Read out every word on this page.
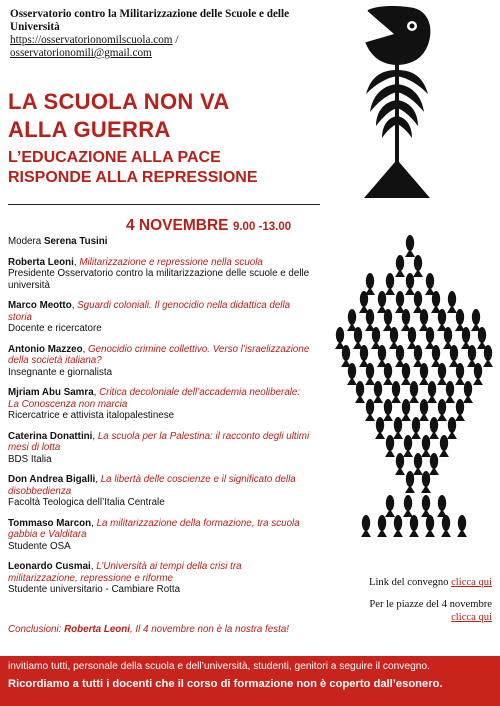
Osservatorio contro la Militarizzazione delle Scuole e delle Università
https://osservatorionomilscuola.com /
osservatorionomili@gmail.com
LA SCUOLA NON VA
ALLA GUERRA
L’EDUCAZIONE ALLA PACE
RISPONDE ALLA REPRESSIONE
4 NOVEMBRE 9.00 -13.00
Modera Serena Tusini
Roberta Leoni, Militarizzazione e repressione nella scuola
Presidente Osservatorio contro la militarizzazione delle scuole e delle università
Marco Meotto, Sguardi coloniali. Il genocidio nella didattica della storia
Docente e ricercatore
Antonio Mazzeo, Genocidio crimine collettivo. Verso l’israelizzazione della società italiana?
Insegnante e giornalista
Mjriam Abu Samra, Critica decoloniale dell’accademia neoliberale: La Conoscenza non marcia
Ricercatrice e attivista italopalestinese
Caterina Donattini, La scuola per la Palestina: il racconto degli ultimi mesi di lotta
BDS Italia
Don Andrea Bigalli, La libertà delle coscienze e il significato della disobbedienza
Facoltà Teologica dell’Italia Centrale
Tommaso Marcon, La militarizzazione della formazione, tra scuola gabbia e Valditara
Studente OSA
Leonardo Cusmai, L’Università ai tempi della crisi tra militarizzazione, repressione e riforme
Studente universitario - Cambiare Rotta
Conclusioni: Roberta Leoni, Il 4 novembre non è la nostra festa!
Link del convegno clicca qui
Per le piazze del 4 novembre
clicca qui
invitiamo tutti, personale della scuola e dell’università, studenti, genitori a seguire il convegno.
Ricordiamo a tutti i docenti che il corso di formazione non è coperto dall’esonero.
